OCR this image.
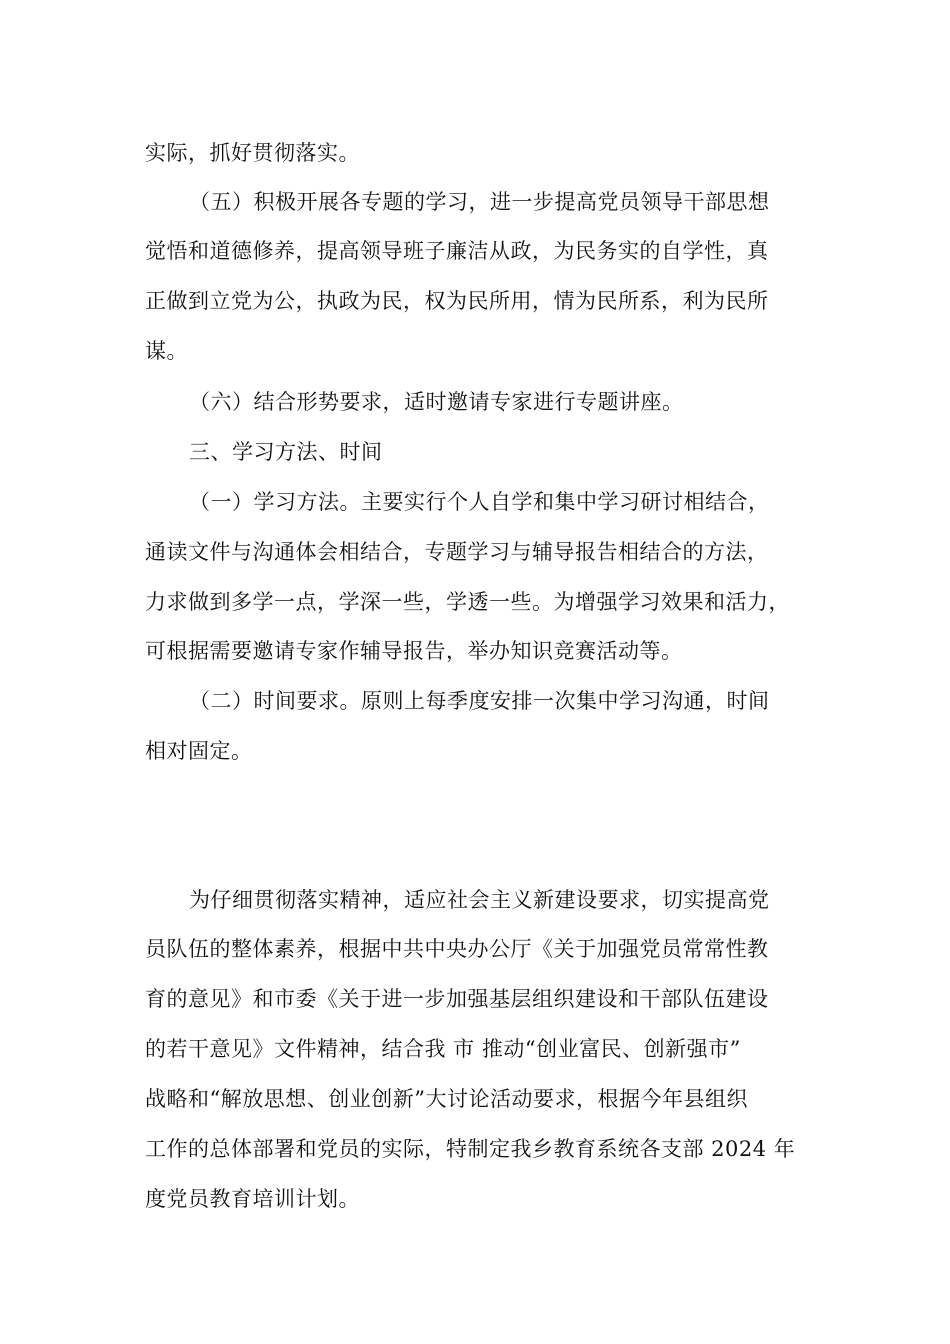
实际，抓好贯彻落实。
（五）积极开展各专题的学习，进一步提高党员领导干部思想
觉悟和道德修养，提高领导班子廉洁从政，为民务实的自学性，真
正做到立党为公，执政为民，权为民所用，情为民所系，利为民所
谋。
（六）结合形势要求，适时邀请专家进行专题讲座。
三、学习方法、时间
（一）学习方法。主要实行个人自学和集中学习研讨相结合，
通读文件与沟通体会相结合，专题学习与辅导报告相结合的方法，
力求做到多学一点，学深一些，学透一些。为增强学习效果和活力，
可根据需要邀请专家作辅导报告，举办知识竞赛活动等。
（二）时间要求。原则上每季度安排一次集中学习沟通，时间
相对固定。
为仔细贯彻落实精神，适应社会主义新建设要求，切实提高党
员队伍的整体素养，根据中共中央办公厅《关于加强党员常常性教
育的意见》和市委《关于进一步加强基层组织建设和干部队伍建设
的若干意见》文件精神，结合我 市 推动“创业富民、创新强市”
战略和“解放思想、创业创新”大讨论活动要求，根据今年县组织
工作的总体部署和党员的实际，特制定我乡教育系统各支部 2024 年
度党员教育培训计划。
